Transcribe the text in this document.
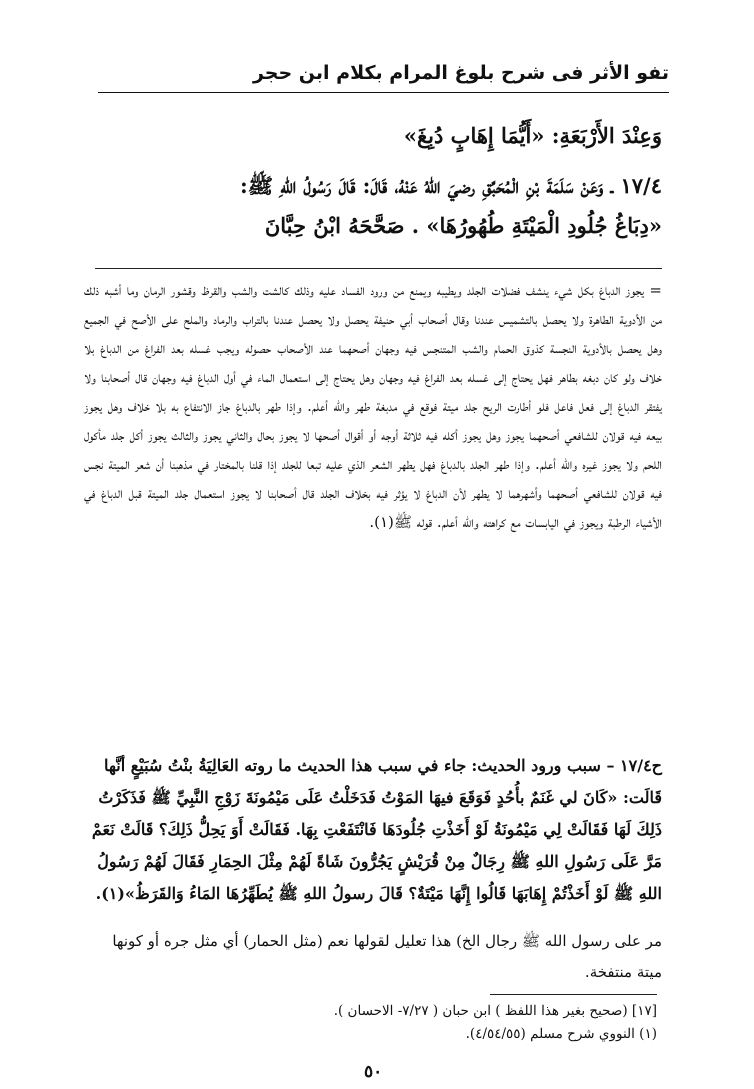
تفو الأثر فى شرح بلوغ المرام بكلام ابن حجر
وَعِنْدَ الأَرْبَعَةِ: «أَيُّمَا إِهَابٍ دُبِغَ»
١٧/٤ ـ وَعَنْ سَلَمَةَ بْنِ الْمُحَبِّقِ رضيَ اللهُ عَنْهُ، قَالَ: قَالَ رَسُولُ اللهِ ﷺ:
«دِبَاغُ جُلُودِ الْمَيْتَةِ طُهُورُهَا» . صَحَّحَهُ ابْنُ حِبَّانَ

= يجوز الدباغ بكل شيء ينشف فضلات الجلد ويطيبه ويمنع من ورود الفساد عليه وذلك كالشت والشب والقرظ وقشور الرمان وما أشبه ذلك من الأدوية الطاهرة ولا يحصل بالتشميس عندنا وقال أصحاب أبي حنيفة يحصل ولا يحصل عندنا بالتراب والرماد والملح على الأصح في الجميع وهل يحصل بالأدوية النجسة كذوق الحمام والشب المتنجس فيه وجهان أصحهما عند الأصحاب حصوله ويجب غسله بعد الفراغ من الدباغ بلا خلاف ولو كان دبغه بطاهر فهل يحتاج إلى غسله بعد الفراغ فيه وجهان وهل يحتاج إلى استعمال الماء في أول الدباغ فيه وجهان قال أصحابنا ولا يفتقر الدباغ إلى فعل فاعل فلو أطارت الريح جلد ميتة فوقع في مدبغة طهر والله أعلم. وإذا طهر بالدباغ جاز الانتفاع به بلا خلاف وهل يجوز بيعه فيه قولان للشافعي أصحهما يجوز وهل يجوز أكله فيه ثلاثة أوجه أو أقوال أصحها لا يجوز بحال والثاني يجوز والثالث يجوز أكل جلد مأكول اللحم ولا يجوز غيره والله أعلم. وإذا طهر الجلد بالدباغ فهل يطهر الشعر الذي عليه تبعا للجلد إذا قلنا بالمختار في مذهبنا أن شعر الميتة نجس فيه قولان للشافعي أصحهما وأشهرهما لا يطهر لأن الدباغ لا يؤثر فيه بخلاف الجلد قال أصحابنا لا يجوز استعمال جلد الميتة قبل الدباغ في الأشياء الرطبة ويجوز في اليابسات مع كراهته والله أعلم. قوله ﷺ(١).

ح١٧/٤ – سبب ورود الحديث: جاء في سبب هذا الحديث ما روته العَالِيَةُ بنْتُ سُبَيْعٍ أنَّها قَالَت: «كَانَ لي غَنَمٌ بأُحُدٍ فَوَقَعَ فيهَا المَوْتُ فَدَخَلْتُ عَلَى مَيْمُونَةَ زَوْجِ النَّبِيِّ ﷺ فَذَكَرْتُ ذَلِكَ لَهَا فَقَالَتْ لِي مَيْمُونَةُ لَوْ أَخَذْتِ جُلُودَهَا فَانْتَفَعْتِ بِهَا. فَقَالَتْ أَوَ يَحِلُّ ذَلِكَ؟ قَالَتْ نَعَمْ مَرَّ عَلَى رَسُولِ اللهِ ﷺ رِجَالٌ مِنْ قُرَيْشٍ يَجُرُّونَ شَاةً لَهُمْ مِثْلَ الحِمَارِ فَقَالَ لَهُمْ رَسُولُ اللهِ ﷺ لَوْ أَخَذْتُمْ إِهَابَهَا قَالُوا إِنَّهَا مَيْتَةٌ؟ قَالَ رسولُ اللهِ ﷺ يُطَهِّرُهَا المَاءُ وَالقَرَظُ»(١).
مر على رسول الله ﷺ رجال الخ) هذا تعليل لقولها نعم (مثل الحمار) أي مثل جره أو كونها ميتة منتفخة.
[١٧] (صحيح بغير هذا اللفظ ) ابن حبان ( ٧/٢٧- الاحسان ).
(١) النووي شرح مسلم (٤/٥٤/٥٥).
٥٠
